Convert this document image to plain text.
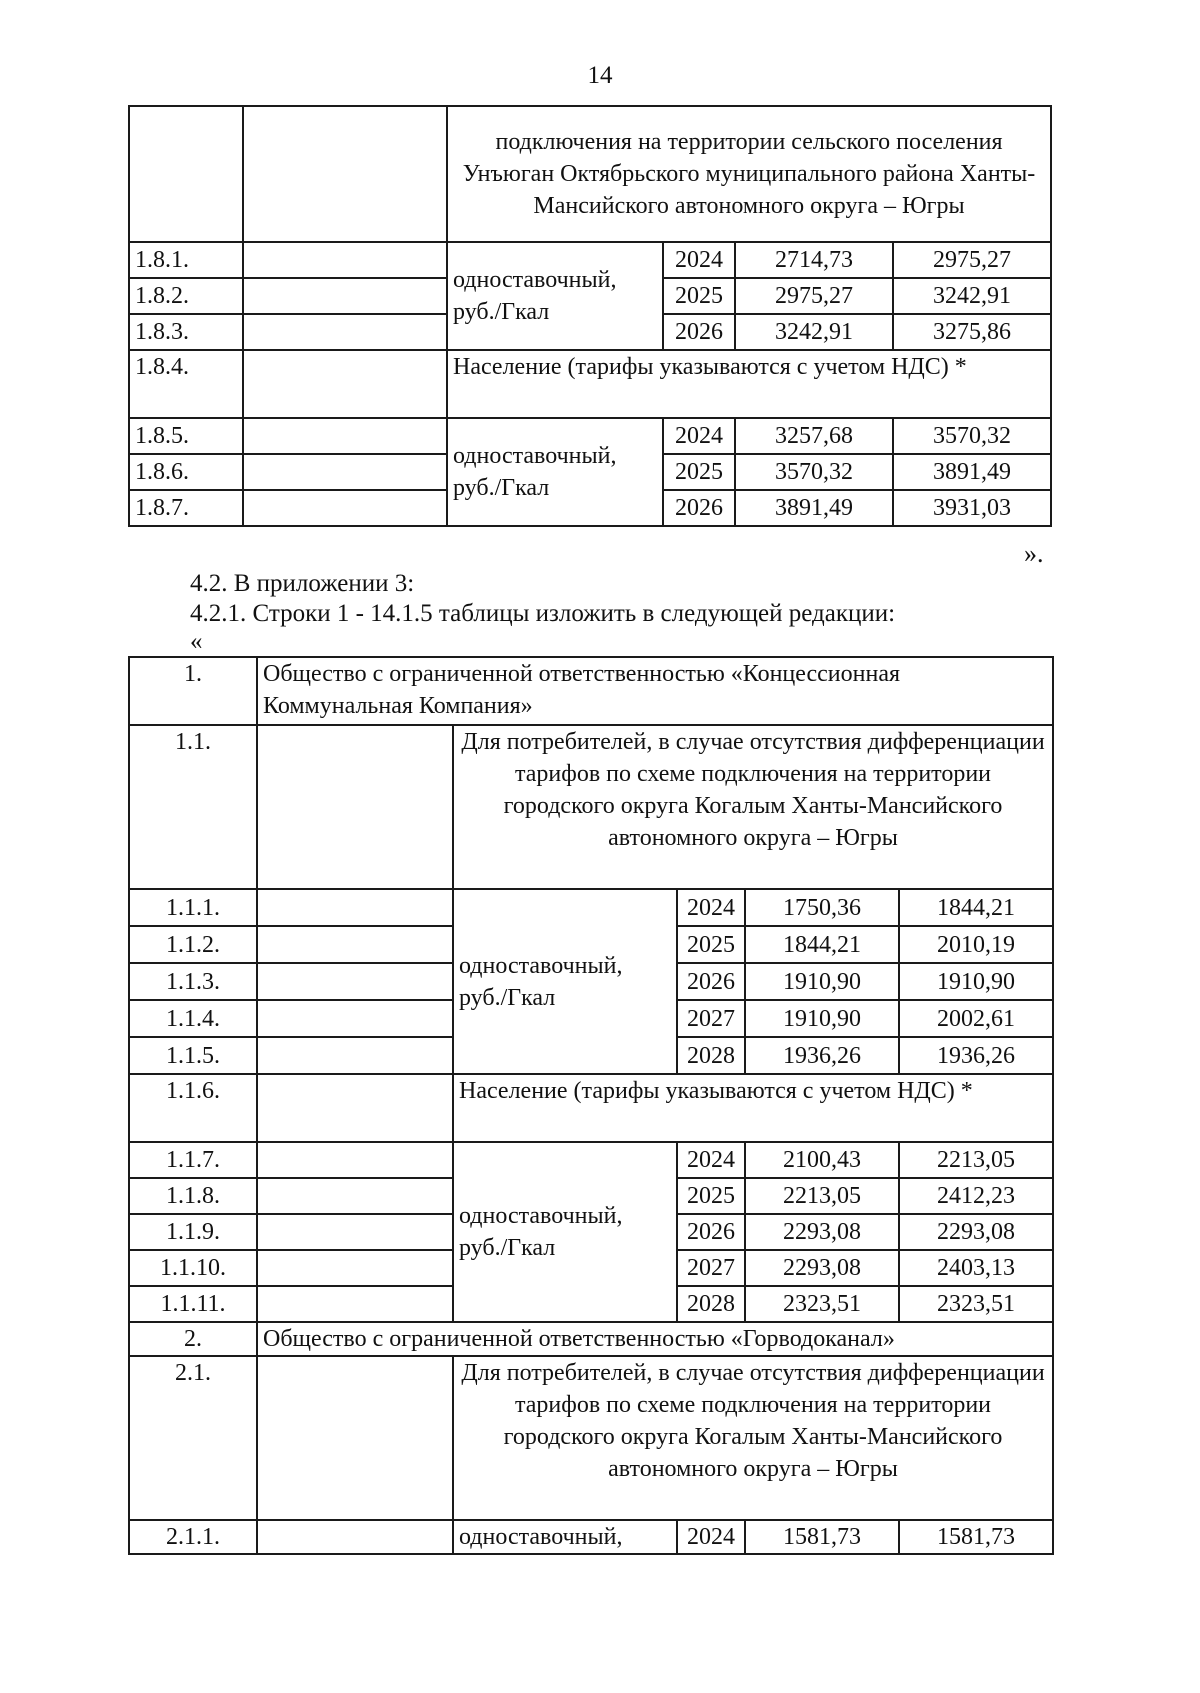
14
		подключения на территории сельского поселения Унъюган Октябрьского муниципального района Ханты-Мансийского автономного округа – Югры			
1.8.1.		одноставочный, руб./Гкал	2024	2714,73	2975,27
1.8.2.			2025	2975,27	3242,91
1.8.3.			2026	3242,91	3275,86
1.8.4.		Население (тарифы указываются с учетом НДС) *			
1.8.5.		одноставочный, руб./Гкал	2024	3257,68	3570,32
1.8.6.			2025	3570,32	3891,49
1.8.7.			2026	3891,49	3931,03
».
4.2. В приложении 3:
4.2.1. Строки 1 - 14.1.5 таблицы изложить в следующей редакции:
«
1.	Общество с ограниченной ответственностью «Концессионная Коммунальная Компания»				
1.1.		Для потребителей, в случае отсутствия дифференциации тарифов по схеме подключения на территории городского округа Когалым Ханты-Мансийского автономного округа – Югры			
1.1.1.		одноставочный, руб./Гкал	2024	1750,36	1844,21
1.1.2.			2025	1844,21	2010,19
1.1.3.			2026	1910,90	1910,90
1.1.4.			2027	1910,90	2002,61
1.1.5.			2028	1936,26	1936,26
1.1.6.		Население (тарифы указываются с учетом НДС) *			
1.1.7.		одноставочный, руб./Гкал	2024	2100,43	2213,05
1.1.8.			2025	2213,05	2412,23
1.1.9.			2026	2293,08	2293,08
1.1.10.			2027	2293,08	2403,13
1.1.11.			2028	2323,51	2323,51
2.	Общество с ограниченной ответственностью «Горводоканал»				
2.1.		Для потребителей, в случае отсутствия дифференциации тарифов по схеме подключения на территории городского округа Когалым Ханты-Мансийского автономного округа – Югры			
2.1.1.		одноставочный,	2024	1581,73	1581,73
